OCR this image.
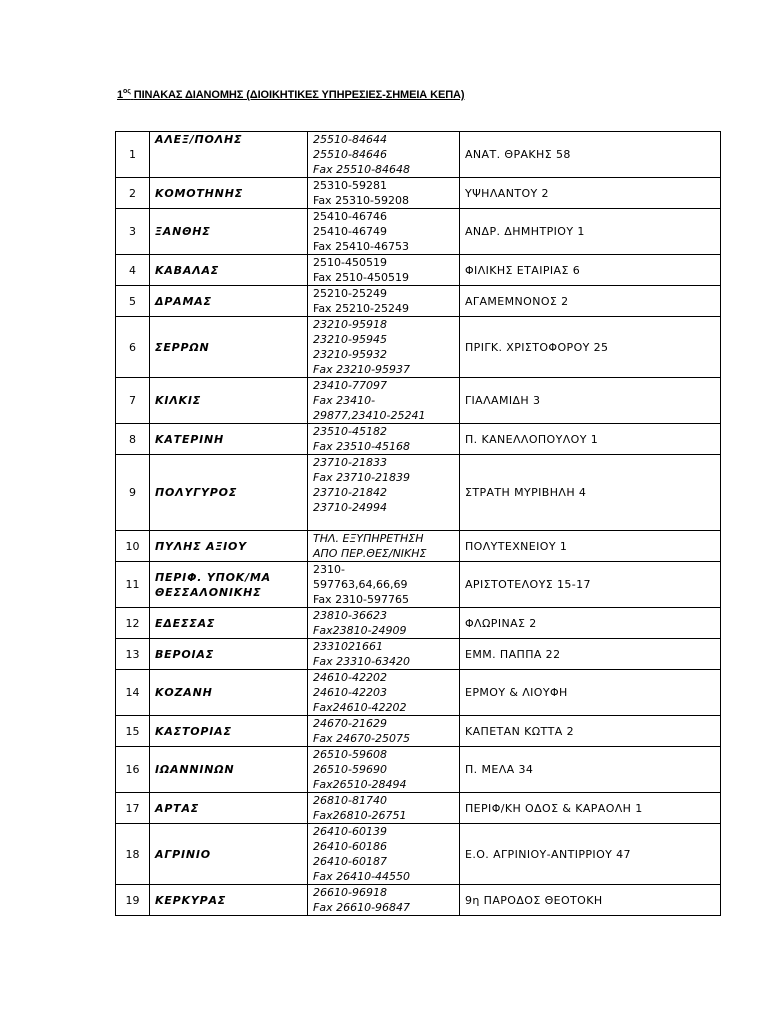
$1^{o\varsigma}$ ΠΙΝΑΚΑΣ ΔΙΑΝΟΜΗΣ (ΔΙΟΙΚΗΤΙΚΕΣ ΥΠΗΡΕΣΙΕΣ-ΣΗΜΕΙΑ ΚΕΠΑ)
1	ΑΛΕΞ/ΠΟΛΗΣ	25510-84644
25510-84646
Fax 25510-84648	ΑΝΑΤ. ΘΡΑΚΗΣ 58
2	ΚΟΜΟΤΗΝΗΣ	25310-59281
Fax 25310-59208	ΥΨΗΛΑΝΤΟΥ 2
3	ΞΑΝΘΗΣ	25410-46746
25410-46749
Fax 25410-46753	ΑΝΔΡ. ΔΗΜΗΤΡΙΟΥ 1
4	ΚΑΒΑΛΑΣ	2510-450519
Fax 2510-450519	ΦΙΛΙΚΗΣ ΕΤΑΙΡΙΑΣ 6
5	ΔΡΑΜΑΣ	25210-25249
Fax 25210-25249	ΑΓΑΜΕΜΝΟΝΟΣ 2
6	ΣΕΡΡΩΝ	23210-95918
23210-95945
23210-95932
Fax 23210-95937	ΠΡΙΓΚ. ΧΡΙΣΤΟΦΟΡΟΥ 25
7	ΚΙΛΚΙΣ	23410-77097
Fax 23410-
29877,23410-25241	ΓΙΑΛΑΜΙΔΗ 3
8	ΚΑΤΕΡΙΝΗ	23510-45182
Fax 23510-45168	Π. ΚΑΝΕΛΛΟΠΟΥΛΟΥ 1
9	ΠΟΛΥΓΥΡΟΣ	23710-21833
Fax 23710-21839
23710-21842
23710-24994	ΣΤΡΑΤΗ ΜΥΡΙΒΗΛΗ 4
10	ΠΥΛΗΣ ΑΞΙΟΥ	ΤΗΛ. ΕΞΥΠΗΡΕΤΗΣΗ
ΑΠΟ ΠΕΡ.ΘΕΣ/ΝΙΚΗΣ	ΠΟΛΥΤΕΧΝΕΙΟΥ 1
11	ΠΕΡΙΦ. ΥΠΟΚ/ΜΑ ΘΕΣΣΑΛΟΝΙΚΗΣ	2310-
597763,64,66,69
Fax 2310-597765	ΑΡΙΣΤΟΤΕΛΟΥΣ 15-17
12	ΕΔΕΣΣΑΣ	23810-36623
Fax23810-24909	ΦΛΩΡΙΝΑΣ 2
13	ΒΕΡΟΙΑΣ	2331021661
Fax 23310-63420	ΕΜΜ. ΠΑΠΠΑ 22
14	ΚΟΖΑΝΗ	24610-42202
24610-42203
Fax24610-42202	ΕΡΜΟΥ & ΛΙΟΥΦΗ
15	ΚΑΣΤΟΡΙΑΣ	24670-21629
Fax 24670-25075	ΚΑΠΕΤΑΝ ΚΩΤΤΑ 2
16	ΙΩΑΝΝΙΝΩΝ	26510-59608
26510-59690
Fax26510-28494	Π. ΜΕΛΑ 34
17	ΑΡΤΑΣ	26810-81740
Fax26810-26751	ΠΕΡΙΦ/ΚΗ ΟΔΟΣ & ΚΑΡΑΟΛΗ 1
18	ΑΓΡΙΝΙΟ	26410-60139
26410-60186
26410-60187
Fax 26410-44550	Ε.Ο. ΑΓΡΙΝΙΟΥ-ΑΝΤΙΡΡΙΟΥ 47
19	ΚΕΡΚΥΡΑΣ	26610-96918
Fax 26610-96847	9η ΠΑΡΟΔΟΣ ΘΕΟΤΟΚΗ
